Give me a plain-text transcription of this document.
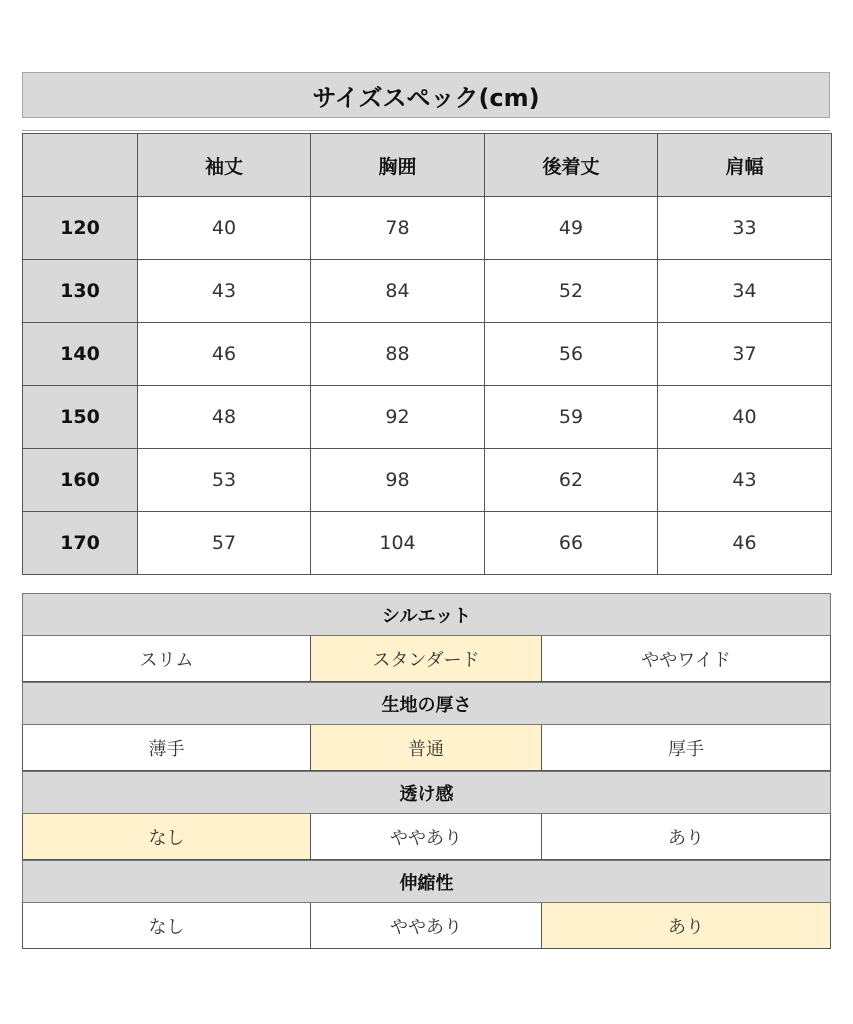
サイズスペック(cm)
	袖丈	胸囲	後着丈	肩幅
120	40	78	49	33
130	43	84	52	34
140	46	88	56	37
150	48	92	59	40
160	53	98	62	43
170	57	104	66	46
シルエット
スリム	スタンダード	ややワイド
生地の厚さ
薄手	普通	厚手
透け感
なし	ややあり	あり
伸縮性
なし	ややあり	あり
